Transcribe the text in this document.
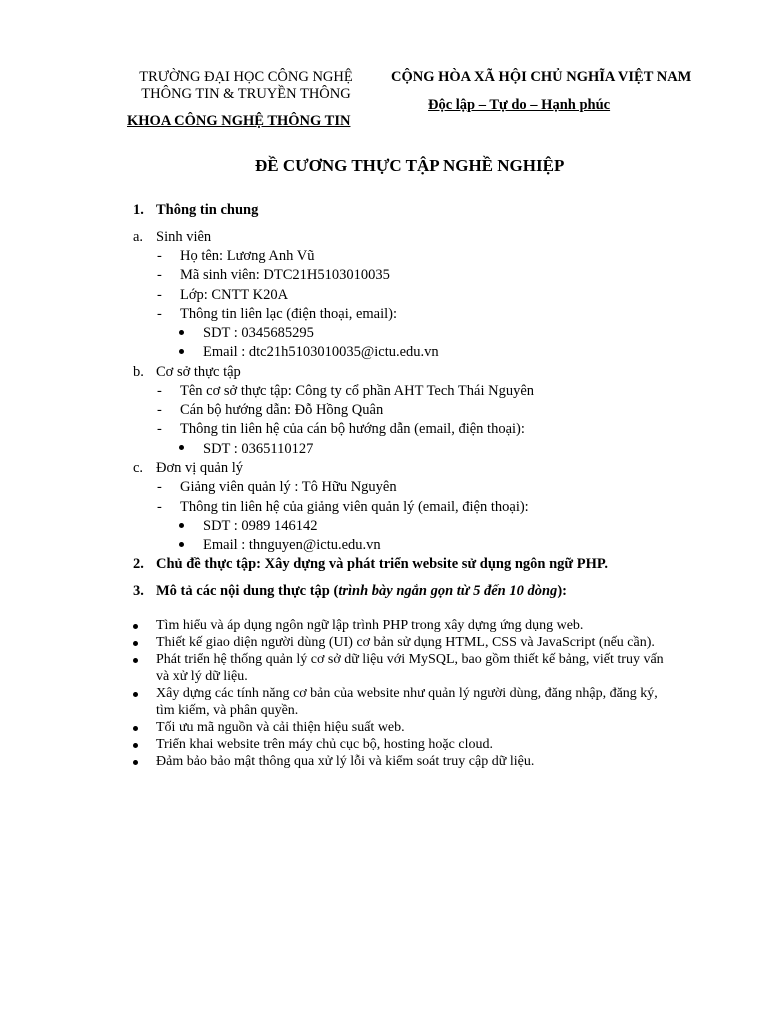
TRƯỜNG ĐẠI HỌC CÔNG NGHỆ
THÔNG TIN & TRUYỀN THÔNG
KHOA CÔNG NGHỆ THÔNG TIN
CỘNG HÒA XÃ HỘI CHỦ NGHĨA VIỆT NAM
Độc lập – Tự do – Hạnh phúc
ĐỀ CƯƠNG THỰC TẬP NGHỀ NGHIỆP
1. Thông tin chung
a. Sinh viên
- Họ tên: Lương Anh Vũ
- Mã sinh viên: DTC21H5103010035
- Lớp: CNTT K20A
- Thông tin liên lạc (điện thoại, email):
SDT : 0345685295
Email : dtc21h5103010035@ictu.edu.vn
b. Cơ sở thực tập
- Tên cơ sở thực tập: Công ty cổ phần AHT Tech Thái Nguyên
- Cán bộ hướng dẫn: Đỗ Hồng Quân
- Thông tin liên hệ của cán bộ hướng dẫn (email, điện thoại):
SDT : 0365110127
c. Đơn vị quản lý
- Giảng viên quản lý : Tô Hữu Nguyên
- Thông tin liên hệ của giảng viên quản lý (email, điện thoại):
SDT : 0989 146142
Email : thnguyen@ictu.edu.vn
2. Chủ đề thực tập: Xây dựng và phát triển website sử dụng ngôn ngữ PHP.
3. Mô tả các nội dung thực tập (trình bày ngắn gọn từ 5 đến 10 dòng):
Tìm hiểu và áp dụng ngôn ngữ lập trình PHP trong xây dựng ứng dụng web.
Thiết kế giao diện người dùng (UI) cơ bản sử dụng HTML, CSS và JavaScript (nếu cần).
Phát triển hệ thống quản lý cơ sở dữ liệu với MySQL, bao gồm thiết kế bảng, viết truy vấn
và xử lý dữ liệu.
Xây dựng các tính năng cơ bản của website như quản lý người dùng, đăng nhập, đăng ký,
tìm kiếm, và phân quyền.
Tối ưu mã nguồn và cải thiện hiệu suất web.
Triển khai website trên máy chủ cục bộ, hosting hoặc cloud.
Đảm bảo bảo mật thông qua xử lý lỗi và kiểm soát truy cập dữ liệu.
